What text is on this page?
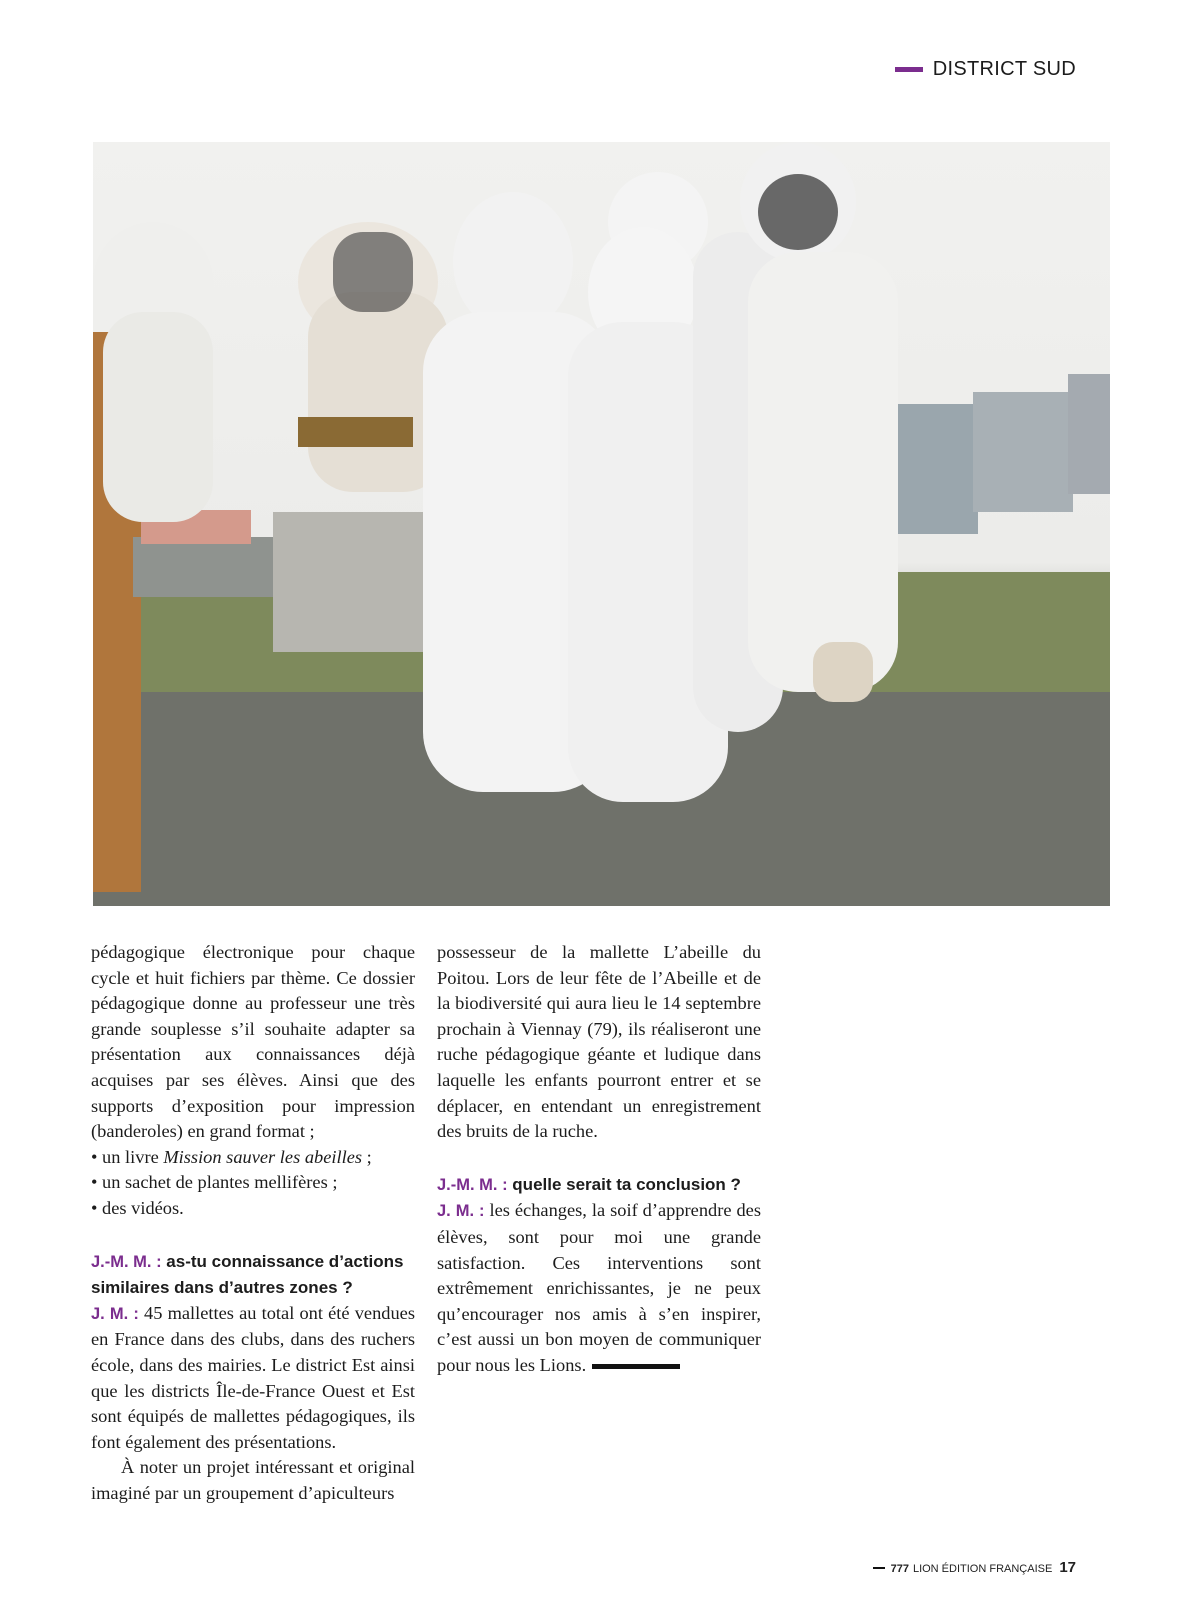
DISTRICT SUD

pédagogique électronique pour chaque cycle et huit fichiers par thème. Ce dossier pédagogique donne au professeur une très grande souplesse s’il souhaite adapter sa présentation aux connaissances déjà acquises par ses élèves. Ainsi que des supports d’exposition pour impression (banderoles) en grand format ;

• un livre Mission sauver les abeilles ;

• un sachet de plantes mellifères ;

• des vidéos.

J.-M. M. : as-tu connaissance d’actions similaires dans d’autres zones ?

J. M. : 45 mallettes au total ont été vendues en France dans des clubs, dans des ruchers école, dans des mairies. Le district Est ainsi que les districts Île-de-France Ouest et Est sont équipés de mallettes pédagogiques, ils font également des présentations.

À noter un projet intéressant et original imaginé par un groupement d’apiculteurs

possesseur de la mallette L’abeille du Poitou. Lors de leur fête de l’Abeille et de la biodiversité qui aura lieu le 14 septembre prochain à Viennay (79), ils réaliseront une ruche pédagogique géante et ludique dans laquelle les enfants pourront entrer et se déplacer, en entendant un enregistrement des bruits de la ruche.

J.-M. M. : quelle serait ta conclusion ?

J. M. : les échanges, la soif d’apprendre des élèves, sont pour moi une grande satisfaction. Ces interventions sont extrêmement enrichissantes, je ne peux qu’encourager nos amis à s’en inspirer, c’est aussi un bon moyen de communiquer pour nous les Lions.

777 LION ÉDITION FRANÇAISE 17
